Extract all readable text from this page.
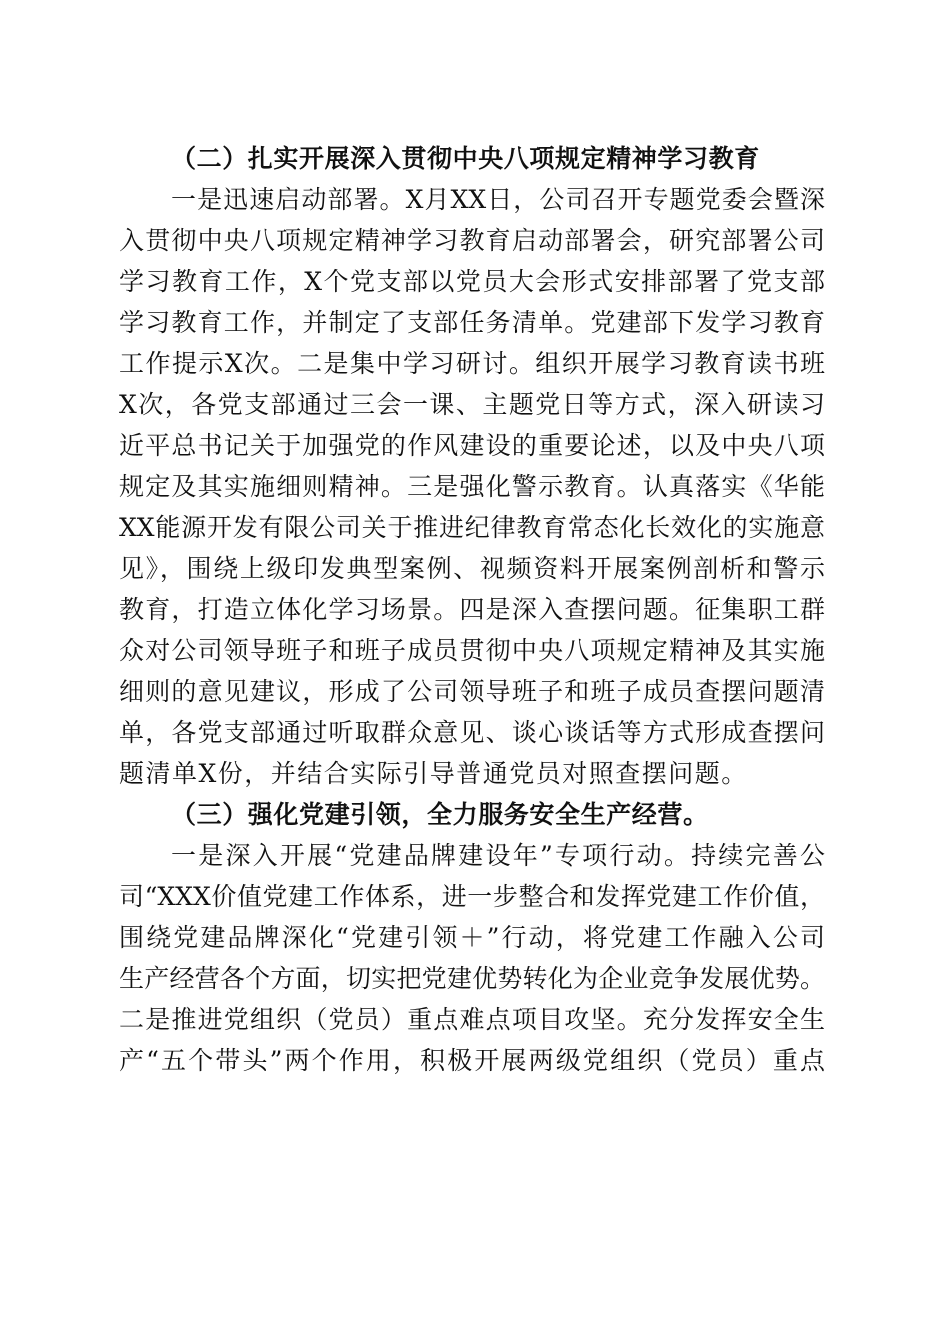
（二）扎实开展深入贯彻中央八项规定精神学习教育
一是迅速启动部署。X月XX日，公司召开专题党委会暨深
入贯彻中央八项规定精神学习教育启动部署会，研究部署公司
学习教育工作，X个党支部以党员大会形式安排部署了党支部
学习教育工作，并制定了支部任务清单。党建部下发学习教育
工作提示X次。二是集中学习研讨。组织开展学习教育读书班
X次，各党支部通过三会一课、主题党日等方式，深入研读习
近平总书记关于加强党的作风建设的重要论述，以及中央八项
规定及其实施细则精神。三是强化警示教育。认真落实《华能
XX能源开发有限公司关于推进纪律教育常态化长效化的实施意
见》，围绕上级印发典型案例、视频资料开展案例剖析和警示
教育，打造立体化学习场景。四是深入查摆问题。征集职工群
众对公司领导班子和班子成员贯彻中央八项规定精神及其实施
细则的意见建议，形成了公司领导班子和班子成员查摆问题清
单，各党支部通过听取群众意见、谈心谈话等方式形成查摆问
题清单X份，并结合实际引导普通党员对照查摆问题。
（三）强化党建引领，全力服务安全生产经营。
一是深入开展“党建品牌建设年”专项行动。持续完善公
司“XXX价值党建工作体系，进一步整合和发挥党建工作价值，
围绕党建品牌深化“党建引领＋”行动，将党建工作融入公司
生产经营各个方面，切实把党建优势转化为企业竞争发展优势。
二是推进党组织（党员）重点难点项目攻坚。充分发挥安全生
产“五个带头”两个作用，积极开展两级党组织（党员）重点
